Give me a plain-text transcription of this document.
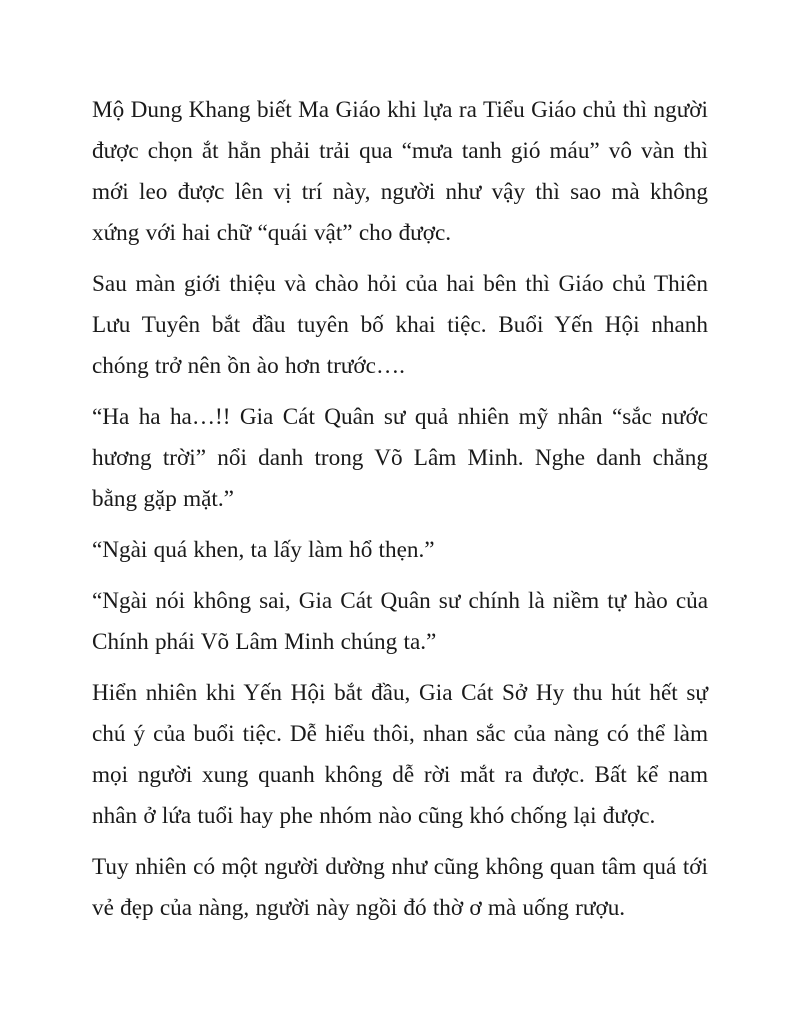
Mộ Dung Khang biết Ma Giáo khi lựa ra Tiểu Giáo chủ thì người được chọn ắt hẳn phải trải qua “mưa tanh gió máu” vô vàn thì mới leo được lên vị trí này, người như vậy thì sao mà không xứng với hai chữ “quái vật” cho được.

Sau màn giới thiệu và chào hỏi của hai bên thì Giáo chủ Thiên Lưu Tuyên bắt đầu tuyên bố khai tiệc. Buổi Yến Hội nhanh chóng trở nên ồn ào hơn trước….

“Ha ha ha…!! Gia Cát Quân sư quả nhiên mỹ nhân “sắc nước hương trời” nổi danh trong Võ Lâm Minh. Nghe danh chẳng bằng gặp mặt.”

“Ngài quá khen, ta lấy làm hổ thẹn.”

“Ngài nói không sai, Gia Cát Quân sư chính là niềm tự hào của Chính phái Võ Lâm Minh chúng ta.”

Hiển nhiên khi Yến Hội bắt đầu, Gia Cát Sở Hy thu hút hết sự chú ý của buổi tiệc. Dễ hiểu thôi, nhan sắc của nàng có thể làm mọi người xung quanh không dễ rời mắt ra được. Bất kể nam nhân ở lứa tuổi hay phe nhóm nào cũng khó chống lại được.

Tuy nhiên có một người dường như cũng không quan tâm quá tới vẻ đẹp của nàng, người này ngồi đó thờ ơ mà uống rượu.
